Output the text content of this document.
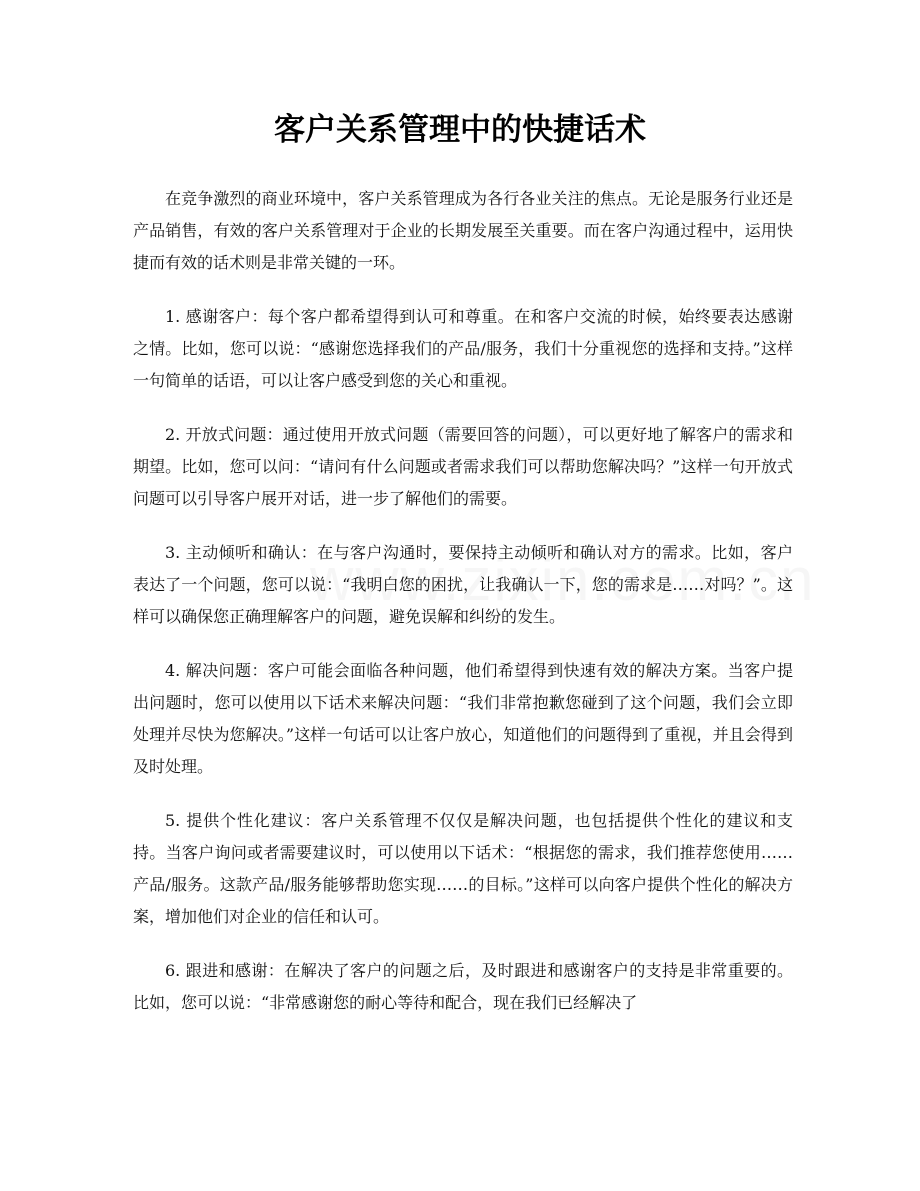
客户关系管理中的快捷话术

在竞争激烈的商业环境中，客户关系管理成为各行各业关注的焦点。无论是服务行业还是产品销售，有效的客户关系管理对于企业的长期发展至关重要。而在客户沟通过程中，运用快捷而有效的话术则是非常关键的一环。

1. 感谢客户：每个客户都希望得到认可和尊重。在和客户交流的时候，始终要表达感谢之情。比如，您可以说：“感谢您选择我们的产品/服务，我们十分重视您的选择和支持。”这样一句简单的话语，可以让客户感受到您的关心和重视。

2. 开放式问题：通过使用开放式问题（需要回答的问题），可以更好地了解客户的需求和期望。比如，您可以问：“请问有什么问题或者需求我们可以帮助您解决吗？”这样一句开放式问题可以引导客户展开对话，进一步了解他们的需要。

3. 主动倾听和确认：在与客户沟通时，要保持主动倾听和确认对方的需求。比如，客户表达了一个问题，您可以说：“我明白您的困扰，让我确认一下，您的需求是……对吗？”。这样可以确保您正确理解客户的问题，避免误解和纠纷的发生。

4. 解决问题：客户可能会面临各种问题，他们希望得到快速有效的解决方案。当客户提出问题时，您可以使用以下话术来解决问题：“我们非常抱歉您碰到了这个问题，我们会立即处理并尽快为您解决。”这样一句话可以让客户放心，知道他们的问题得到了重视，并且会得到及时处理。

5. 提供个性化建议：客户关系管理不仅仅是解决问题，也包括提供个性化的建议和支持。当客户询问或者需要建议时，可以使用以下话术：“根据您的需求，我们推荐您使用……产品/服务。这款产品/服务能够帮助您实现……的目标。”这样可以向客户提供个性化的解决方案，增加他们对企业的信任和认可。

6. 跟进和感谢：在解决了客户的问题之后，及时跟进和感谢客户的支持是非常重要的。比如，您可以说：“非常感谢您的耐心等待和配合，现在我们已经解决了
